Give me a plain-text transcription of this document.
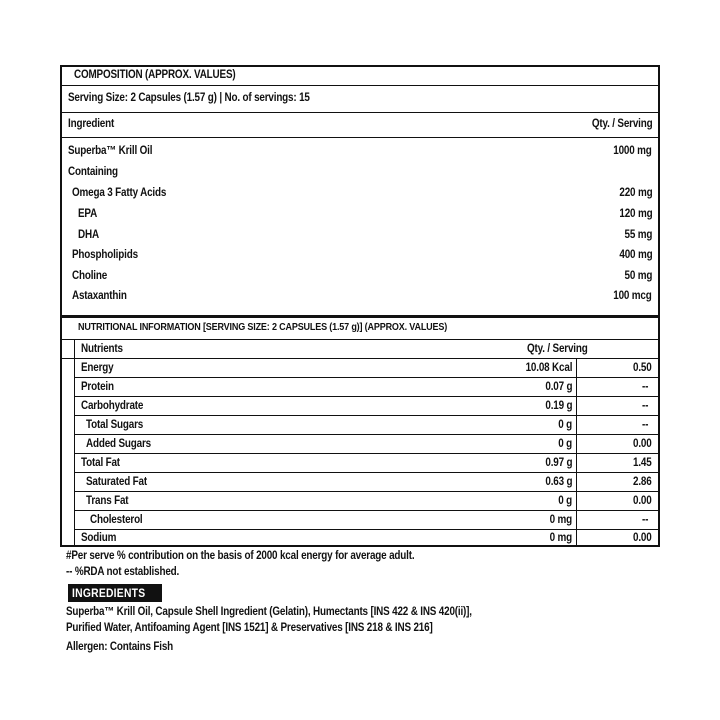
COMPOSITION (APPROX. VALUES)
Serving Size: 2 Capsules (1.57 g) | No. of servings: 15
Ingredient	Qty. / Serving
Superba™ Krill Oil	1000 mg
Containing
Omega 3 Fatty Acids	220 mg
EPA	120 mg
DHA	55 mg
Phospholipids	400 mg
Choline	50 mg
Astaxanthin	100 mcg
NUTRITIONAL INFORMATION [SERVING SIZE: 2 CAPSULES (1.57 g)] (APPROX. VALUES)
Nutrients	Qty. / Serving
Energy	10.08 Kcal	0.50
Protein	0.07 g	--
Carbohydrate	0.19 g	--
Total Sugars	0 g	--
Added Sugars	0 g	0.00
Total Fat	0.97 g	1.45
Saturated Fat	0.63 g	2.86
Trans Fat	0 g	0.00
Cholesterol	0 mg	--
Sodium	0 mg	0.00
#Per serve % contribution on the basis of 2000 kcal energy for average adult.
-- %RDA not established.
INGREDIENTS
Superba™ Krill Oil, Capsule Shell Ingredient (Gelatin), Humectants [INS 422 & INS 420(ii)],
Purified Water, Antifoaming Agent [INS 1521] & Preservatives [INS 218 & INS 216]
Allergen: Contains Fish
